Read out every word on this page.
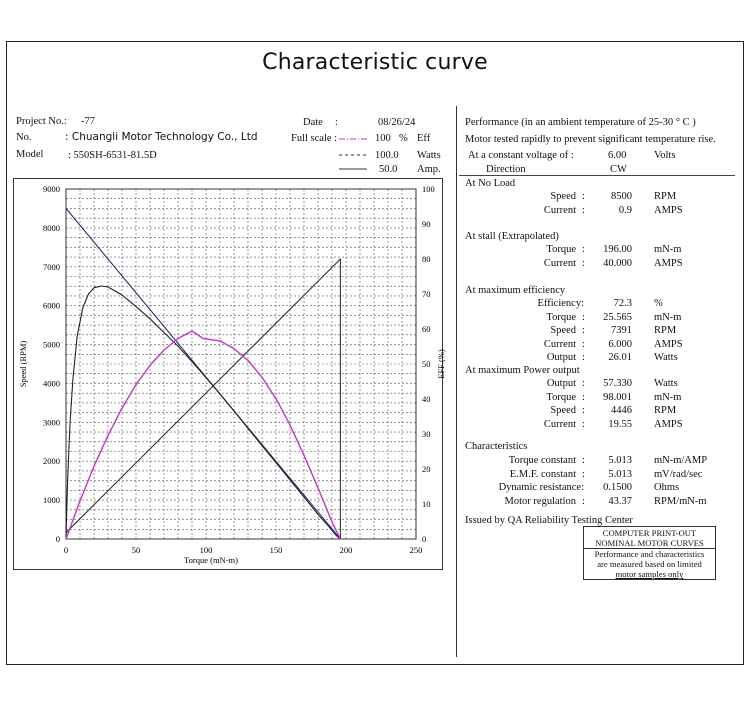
Characteristic curve
Project No.: -77
No.	: Chuangli Motor Technology Co., Ltd
Model : 550SH-6531-81.5D
Date :	08/26/24
Full scale :	100 % Eff
100.0 Watts
50.0 Amp.
Performance (in an ambient temperature of 25-30 ° C )
Motor tested rapidly to prevent significant temperature rise.
At a constant voltage of :	6.00	Volts
Direction	CW
At No Load
Speed : 8500 RPM
Current :	0.9 AMPS
At stall (Extrapolated)
Torque : 196.00 mN-m
Current : 40.000 AMPS
At maximum efficiency
Efficiency:	72.3 %
Torque : 25.565 mN-m
Speed : 7391 RPM
Current : 6.000 AMPS
Output : 26.01 Watts
At maximum Power output
Output : 57.330 Watts
Torque : 98.001 mN-m
Speed : 4446 RPM
Current : 19.55 AMPS
Characteristics
Torque constant : 5.013 mN-m/AMP
E.M.F. constant : 5.013 mV/rad/sec
Dynamic resistance: 0.1500 Ohms
Motor regulation : 43.37 RPM/mN-m
Issued by QA Reliability Testing Center
COMPUTER PRINT-OUT
NOMINAL MOTOR CURVES
Performance and characteristics
are measured based on limited
motor samples only
0	50	100	150	200	250
0
1000
2000
3000
4000
5000
6000
7000
8000
9000
0
10
20
30
40
50
60
70
80
90
100
Torque (mN-m)
Speed (RPM)	EFF (%)
